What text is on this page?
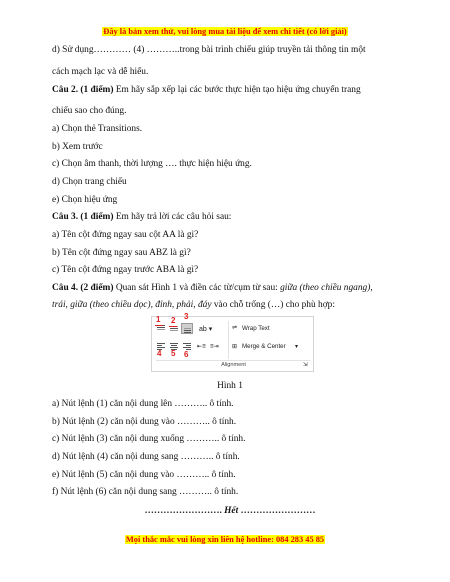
Đây là bản xem thử, vui lòng mua tài liệu để xem chi tiết (có lời giải)
d) Sử dụng………… (4) ………..trong bài trình chiếu giúp truyền tải thông tin một
cách mạch lạc và dễ hiểu.
Câu 2. (1 điểm) Em hãy sắp xếp lại các bước thực hiện tạo hiệu ứng chuyển trang
chiếu sao cho đúng.
a) Chọn thẻ Transitions.
b) Xem trước
c) Chọn âm thanh, thời lượng …. thực hiện hiệu ứng.
d) Chọn trang chiếu
e) Chọn hiệu ứng
Câu 3. (1 điểm) Em hãy trả lời các câu hỏi sau:
a) Tên cột đứng ngay sau cột AA là gì?
b) Tên cột đứng ngay sau ABZ là gì?
c) Tên cột đứng ngay trước ABA là gì?
Câu 4. (2 điểm) Quan sát Hình 1 và điền các từ/cụm từ sau: giữa (theo chiều ngang),
trái, giữa (theo chiều dọc), đỉnh, phải, đáy vào chỗ trống (…) cho phù hợp:
ab ▾	⇌ Wrap Text
⇤≡ ≡⇥ ⊞ Merge & Center ▾
1 2 3
4 5 6
Alignment	⇲
Hình 1
a) Nút lệnh (1) căn nội dung lên ……….. ô tính.
b) Nút lệnh (2) căn nội dung vào ……….. ô tính.
c) Nút lệnh (3) căn nội dung xuống ……….. ô tính.
d) Nút lệnh (4) căn nội dung sang ……….. ô tính.
e) Nút lệnh (5) căn nội dung vào ……….. ô tính.
f) Nút lệnh (6) căn nội dung sang ……….. ô tính.
……………………. Hết ……………………
Mọi thắc mắc vui lòng xin liên hệ hotline: 084 283 45 85
